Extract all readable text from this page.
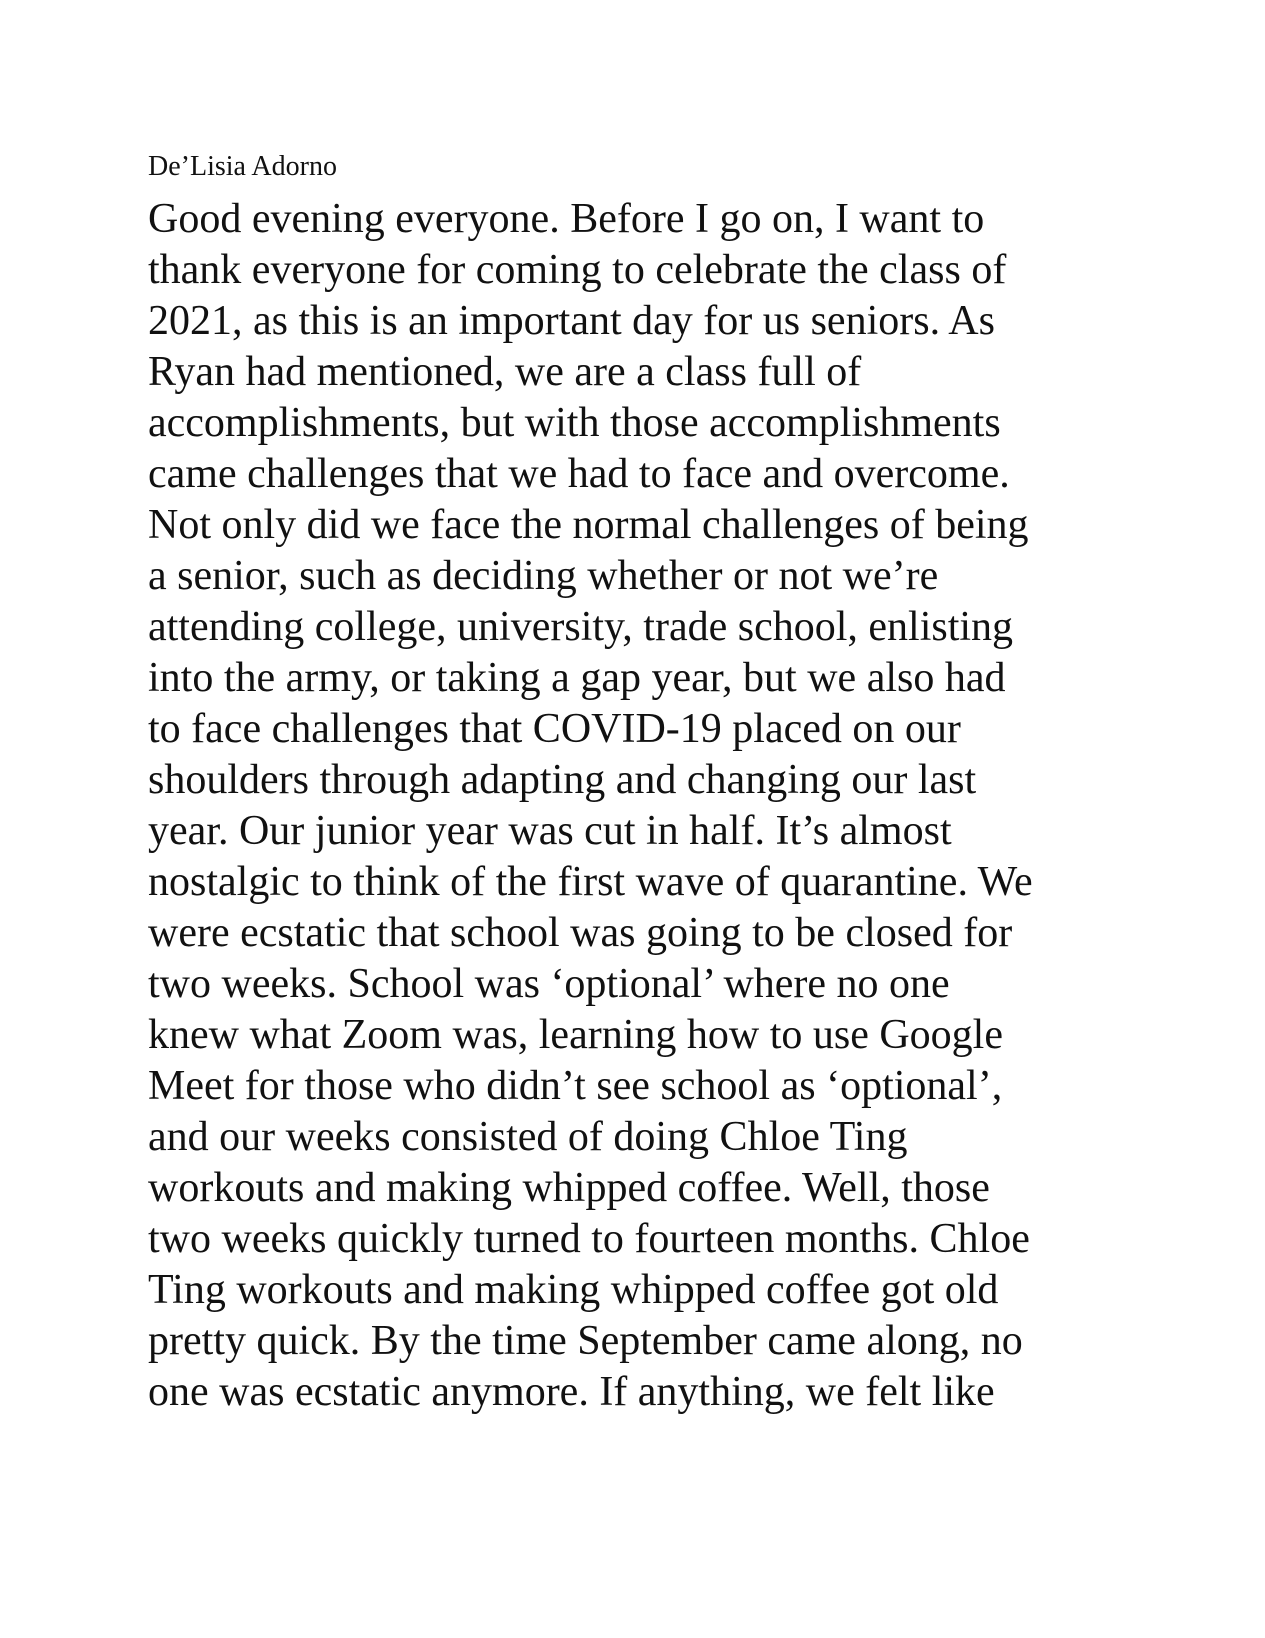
De’Lisia Adorno
Good evening everyone. Before I go on, I want to
thank everyone for coming to celebrate the class of
2021, as this is an important day for us seniors. As
Ryan had mentioned, we are a class full of
accomplishments, but with those accomplishments
came challenges that we had to face and overcome.
Not only did we face the normal challenges of being
a senior, such as deciding whether or not we’re
attending college, university, trade school, enlisting
into the army, or taking a gap year, but we also had
to face challenges that COVID-19 placed on our
shoulders through adapting and changing our last
year. Our junior year was cut in half. It’s almost
nostalgic to think of the first wave of quarantine. We
were ecstatic that school was going to be closed for
two weeks. School was ‘optional’ where no one
knew what Zoom was, learning how to use Google
Meet for those who didn’t see school as ‘optional’,
and our weeks consisted of doing Chloe Ting
workouts and making whipped coffee. Well, those
two weeks quickly turned to fourteen months. Chloe
Ting workouts and making whipped coffee got old
pretty quick. By the time September came along, no
one was ecstatic anymore. If anything, we felt like
